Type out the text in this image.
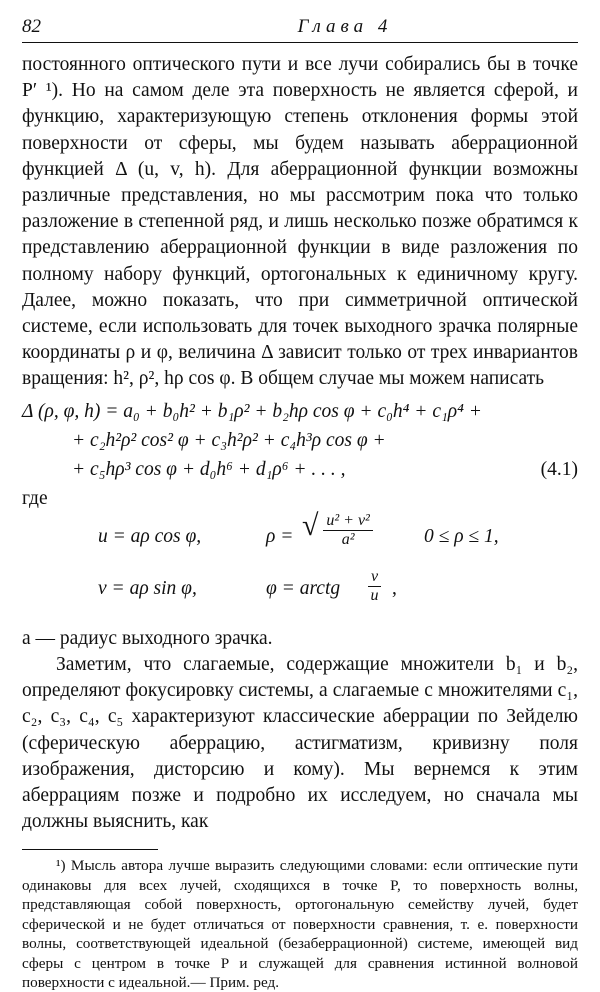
82	Глава 4

постоянного оптического пути и все лучи собирались бы в точке P′ ¹). Но на самом деле эта поверхность не является сферой, и функцию, характеризующую степень отклонения формы этой поверхности от сферы, мы будем называть аберрационной функцией Δ (u, v, h). Для аберрационной функции возможны различные представления, но мы рассмотрим пока что только разложение в степенной ряд, и лишь несколько позже обратимся к представлению аберрационной функции в виде разложения по полному набору функций, ортогональных к единичному кругу. Далее, можно показать, что при симметричной оптической системе, если использовать для точек выходного зрачка полярные координаты ρ и φ, величина Δ зависит только от трех инвариантов вращения: h², ρ², hρ cos φ. В общем случае мы можем написать

Δ (ρ, φ, h) = a₀ + b₀h² + b₁ρ² + b₂hρ cos φ + c₀h⁴ + c₁ρ⁴ +
+ c₂h²ρ² cos² φ + c₃h²ρ² + c₄h³ρ cos φ +
+ c₅hρ³ cos φ + d₀h⁶ + d₁ρ⁶ + . . . ,	(4.1)

где

u = aρ cos φ,	ρ = √ $\frac{\text{u² + v²}}{\text{a²}}$	0 ≤ ρ ≤ 1,
v = aρ sin φ,	φ = arctg $\frac{v}{u}$ ,

a — радиус выходного зрачка.

Заметим, что слагаемые, содержащие множители b₁ и b₂, определяют фокусировку системы, а слагаемые с множителями c₁, c₂, c₃, c₄, c₅ характеризуют классические аберрации по Зейделю (сферическую аберрацию, астигматизм, кривизну поля изображения, дисторсию и кому). Мы вернемся к этим аберрациям позже и подробно их исследуем, но сначала мы должны выяснить, как

¹) Мысль автора лучше выразить следующими словами: если оптические пути одинаковы для всех лучей, сходящихся в точке P, то поверхность волны, представляющая собой поверхность, ортогональную семейству лучей, будет сферической и не будет отличаться от поверхности сравнения, т. е. поверхности волны, соответствующей идеальной (безаберрационной) системе, имеющей вид сферы с центром в точке P и служащей для сравнения истинной волновой поверхности с идеальной.— Прим. ред.
